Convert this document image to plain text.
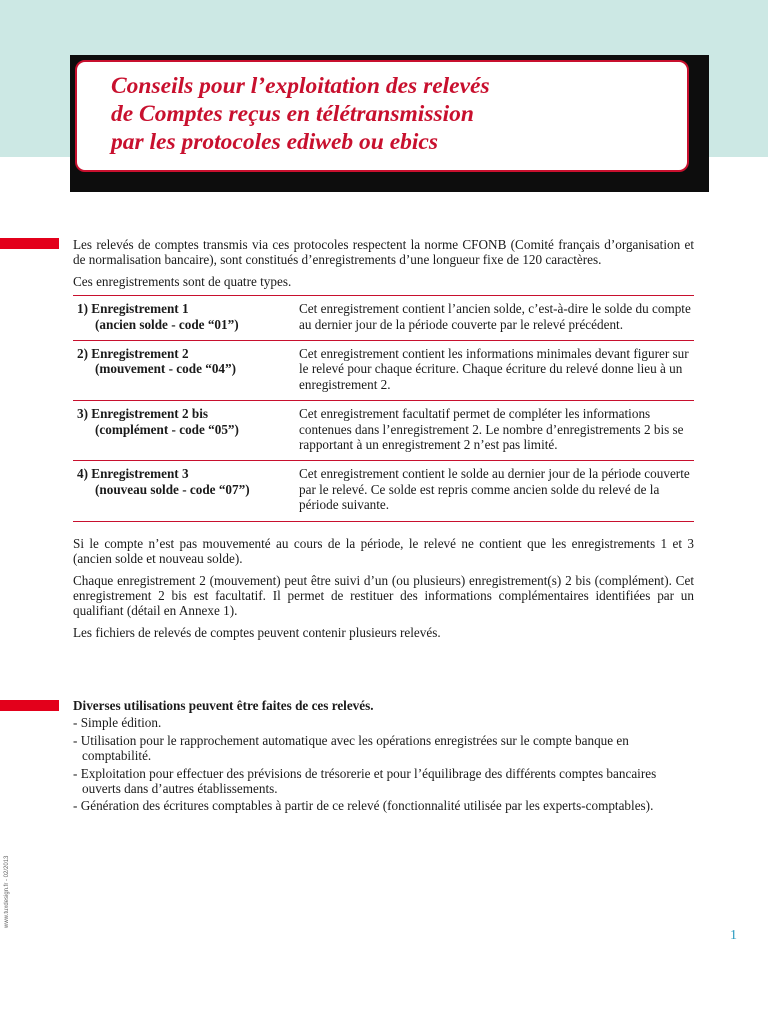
Conseils pour l’exploitation des relevés
de Comptes reçus en télétransmission
par les protocoles ediweb ou ebics

Les relevés de comptes transmis via ces protocoles respectent la norme CFONB (Comité français d’organisation et de normalisation bancaire), sont constitués d’enregistrements d’une longueur fixe de 120 caractères.

Ces enregistrements sont de quatre types.

1) Enregistrement 1
(ancien solde - code “01”)	Cet enregistrement contient l’ancien solde, c’est-à-dire le solde du compte au dernier jour de la période couverte par le relevé précédent.
2) Enregistrement 2
(mouvement - code “04”)	Cet enregistrement contient les informations minimales devant figurer sur le relevé pour chaque écriture. Chaque écriture du relevé donne lieu à un enregistrement 2.
3) Enregistrement 2 bis
(complément - code “05”)	Cet enregistrement facultatif permet de compléter les informations contenues dans l’enregistrement 2. Le nombre d’enregistrements 2 bis se rapportant à un enregistrement 2 n’est pas limité.
4) Enregistrement 3
(nouveau solde - code “07”)	Cet enregistrement contient le solde au dernier jour de la période couverte par le relevé. Ce solde est repris comme ancien solde du relevé de la période suivante.

Si le compte n’est pas mouvementé au cours de la période, le relevé ne contient que les enregistrements 1 et 3 (ancien solde et nouveau solde).

Chaque enregistrement 2 (mouvement) peut être suivi d’un (ou plusieurs) enregistrement(s) 2 bis (complément). Cet enregistrement 2 bis est facultatif. Il permet de restituer des informations complémentaires identifiées par un qualifiant (détail en Annexe 1).

Les fichiers de relevés de comptes peuvent contenir plusieurs relevés.

Diverses utilisations peuvent être faites de ces relevés.
- Simple édition.
- Utilisation pour le rapprochement automatique avec les opérations enregistrées sur le compte banque en comptabilité.
- Exploitation pour effectuer des prévisions de trésorerie et pour l’équilibrage des différents comptes bancaires ouverts dans d’autres établissements.
- Génération des écritures comptables à partir de ce relevé (fonctionnalité utilisée par les experts-comptables).
www.tuxdesign.fr - 02/2013
1
